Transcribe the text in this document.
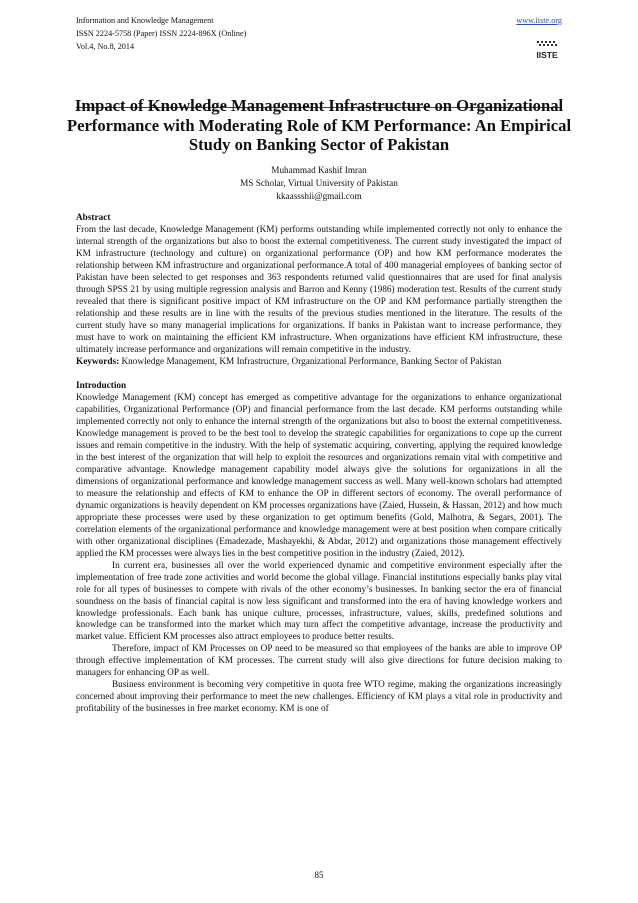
Information and Knowledge Management
ISSN 2224-5758 (Paper) ISSN 2224-896X (Online)
Vol.4, No.8, 2014
www.iiste.org
IISTE
Impact of Knowledge Management Infrastructure on Organizational Performance with Moderating Role of KM Performance: An Empirical Study on Banking Sector of Pakistan
Muhammad Kashif Imran
MS Scholar, Virtual University of Pakistan
kkaassshii@gmail.com

Abstract

From the last decade, Knowledge Management (KM) performs outstanding while implemented correctly not only to enhance the internal strength of the organizations but also to boost the external competitiveness. The current study investigated the impact of KM infrastructure (technology and culture) on organizational performance (OP) and how KM performance moderates the relationship between KM infrastructure and organizational performance.A total of 400 managerial employees of banking sector of Pakistan have been selected to get responses and 363 respondents returned valid questionnaires that are used for final analysis through SPSS 21 by using multiple regression analysis and Barron and Kenny (1986) moderation test. Results of the current study revealed that there is significant positive impact of KM infrastructure on the OP and KM performance partially strengthen the relationship and these results are in line with the results of the previous studies mentioned in the literature. The results of the current study have so many managerial implications for organizations. If banks in Pakistan want to increase performance, they must have to work on maintaining the efficient KM infrastructure. When organizations have efficient KM infrastructure, these ultimately increase performance and organizations will remain competitive in the industry.

Keywords: Knowledge Management, KM Infrastructure, Organizational Performance, Banking Sector of Pakistan

Introduction

Knowledge Management (KM) concept has emerged as competitive advantage for the organizations to enhance organizational capabilities, Organizational Performance (OP) and financial performance from the last decade. KM performs outstanding while implemented correctly not only to enhance the internal strength of the organizations but also to boost the external competitiveness. Knowledge management is proved to be the best tool to develop the strategic capabilities for organizations to cope up the current issues and remain competitive in the industry. With the help of systematic acquiring, converting, applying the required knowledge in the best interest of the organization that will help to exploit the resources and organizations remain vital with competitive and comparative advantage. Knowledge management capability model always give the solutions for organizations in all the dimensions of organizational performance and knowledge management success as well. Many well-known scholars had attempted to measure the relationship and effects of KM to enhance the OP in different sectors of economy. The overall performance of dynamic organizations is heavily dependent on KM processes organizations have (Zaied, Hussein, & Hassan, 2012) and how much appropriate these processes were used by these organization to get optimum benefits (Gold, Malhotra, & Segars, 2001). The correlation elements of the organizational performance and knowledge management were at best position when compare critically with other organizational disciplines (Emadezade, Mashayekhi, & Abdar, 2012) and organizations those management effectively applied the KM processes were always lies in the best competitive position in the industry (Zaied, 2012).

In current era, businesses all over the world experienced dynamic and competitive environment especially after the implementation of free trade zone activities and world become the global village. Financial institutions especially banks play vital role for all types of businesses to compete with rivals of the other economy’s businesses. In banking sector the era of financial soundness on the basis of financial capital is now less significant and transformed into the era of having knowledge workers and knowledge professionals. Each bank has unique culture, processes, infrastructure, values, skills, predefined solutions and knowledge can be transformed into the market which may turn affect the competitive advantage, increase the productivity and market value. Efficient KM processes also attract employees to produce better results.

Therefore, impact of KM Processes on OP need to be measured so that employees of the banks are able to improve OP through effective implementation of KM processes. The current study will also give directions for future decision making to managers for enhancing OP as well.

Business environment is becoming very competitive in quota free WTO regime, making the organizations increasingly concerned about improving their performance to meet the new challenges. Efficiency of KM plays a vital role in productivity and profitability of the businesses in free market economy. KM is one of

85
